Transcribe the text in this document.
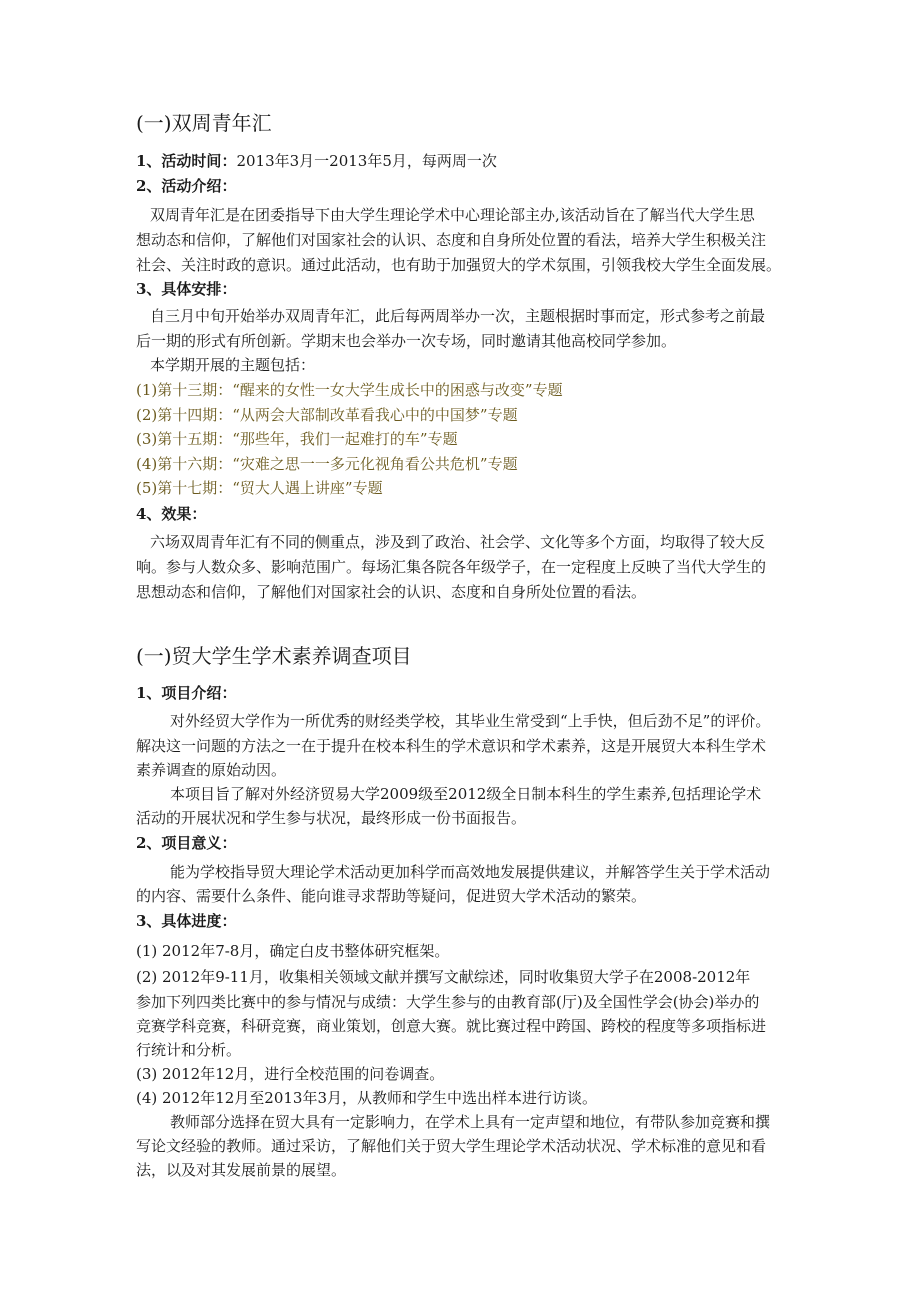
(一)双周青年汇
1、活动时间：2013年3月一2013年5月，每两周一次
2、活动介绍：
双周青年汇是在团委指导下由大学生理论学术中心理论部主办,该活动旨在了解当代大学生思
想动态和信仰，了解他们对国家社会的认识、态度和自身所处位置的看法，培养大学生积极关注
社会、关注时政的意识。通过此活动，也有助于加强贸大的学术氛围，引领我校大学生全面发展。
3、具体安排：
自三月中旬开始举办双周青年汇，此后每两周举办一次，主题根据时事而定，形式参考之前最
后一期的形式有所创新。学期末也会举办一次专场，同时邀请其他高校同学参加。
本学期开展的主题包括：
(1)第十三期：“醒来的女性一女大学生成长中的困惑与改变”专题
(2)第十四期：“从两会大部制改革看我心中的中国梦”专题
(3)第十五期：“那些年，我们一起难打的车”专题
(4)第十六期：“灾难之思一一多元化视角看公共危机”专题
(5)第十七期：“贸大人遇上讲座”专题
4、效果：
六场双周青年汇有不同的侧重点，涉及到了政治、社会学、文化等多个方面，均取得了较大反
响。参与人数众多、影响范围广。每场汇集各院各年级学子，在一定程度上反映了当代大学生的
思想动态和信仰，了解他们对国家社会的认识、态度和自身所处位置的看法。
(一)贸大学生学术素养调查项目
1、项目介绍：
对外经贸大学作为一所优秀的财经类学校，其毕业生常受到“上手快，但后劲不足”的评价。
解决这一问题的方法之一在于提升在校本科生的学术意识和学术素养，这是开展贸大本科生学术
素养调查的原始动因。
本项目旨了解对外经济贸易大学2009级至2012级全日制本科生的学生素养,包括理论学术
活动的开展状况和学生参与状况，最终形成一份书面报告。
2、项目意义：
能为学校指导贸大理论学术活动更加科学而高效地发展提供建议，并解答学生关于学术活动
的内容、需要什么条件、能向谁寻求帮助等疑问，促进贸大学术活动的繁荣。
3、具体进度：
(1) 2012年7-8月，确定白皮书整体研究框架。
(2) 2012年9-11月，收集相关领域文献并撰写文献综述，同时收集贸大学子在2008-2012年
参加下列四类比赛中的参与情况与成绩：大学生参与的由教育部(厅)及全国性学会(协会)举办的
竞赛学科竞赛，科研竞赛，商业策划，创意大赛。就比赛过程中跨国、跨校的程度等多项指标进
行统计和分析。
(3) 2012年12月，进行全校范围的问卷调查。
(4) 2012年12月至2013年3月，从教师和学生中选出样本进行访谈。
教师部分选择在贸大具有一定影响力，在学术上具有一定声望和地位，有带队参加竞赛和撰
写论文经验的教师。通过采访，了解他们关于贸大学生理论学术活动状况、学术标准的意见和看
法，以及对其发展前景的展望。
